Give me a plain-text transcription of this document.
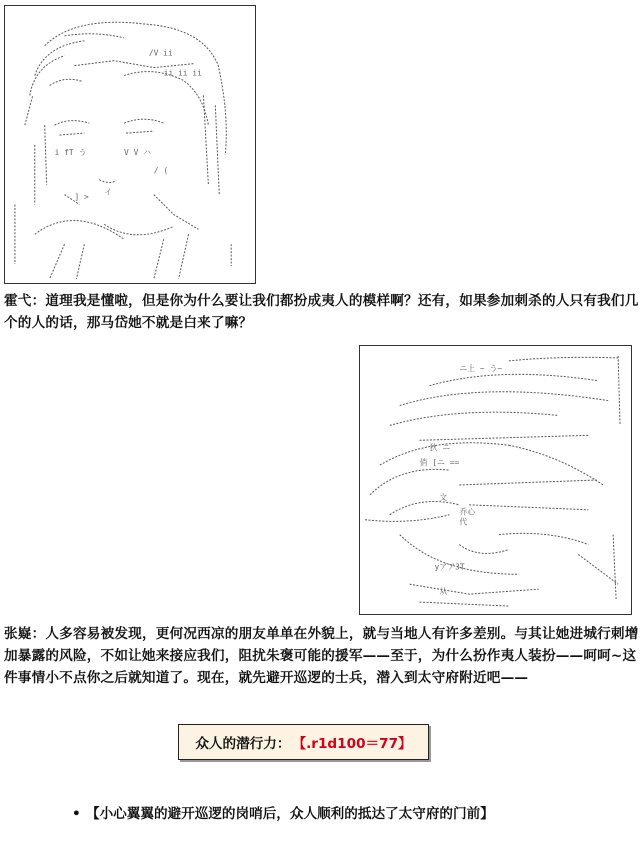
/V ii
ii ii ii
i fT う	V V ハ
/ (
イ
] >

霍弋：道理我是懂啦，但是你为什么要让我们都扮成夷人的模样啊？还有，如果参加刺杀的人只有我们几个的人的话，那马岱她不就是白来了嘛？

ニ上 ~ う~
狄 ニ
俏 [ニ ==
文
乔心
代
yアア3T
从

张嶷：人多容易被发现，更何况西凉的朋友单单在外貌上，就与当地人有许多差别。与其让她进城行刺增加暴露的风险，不如让她来接应我们，阻扰朱褒可能的援军——至于，为什么扮作夷人装扮——呵呵~这件事情小不点你之后就知道了。现在，就先避开巡逻的士兵，潜入到太守府附近吧——

众人的潜行力： 【.r1d100＝77】
• 【小心翼翼的避开巡逻的岗哨后，众人顺利的抵达了太守府的门前】
